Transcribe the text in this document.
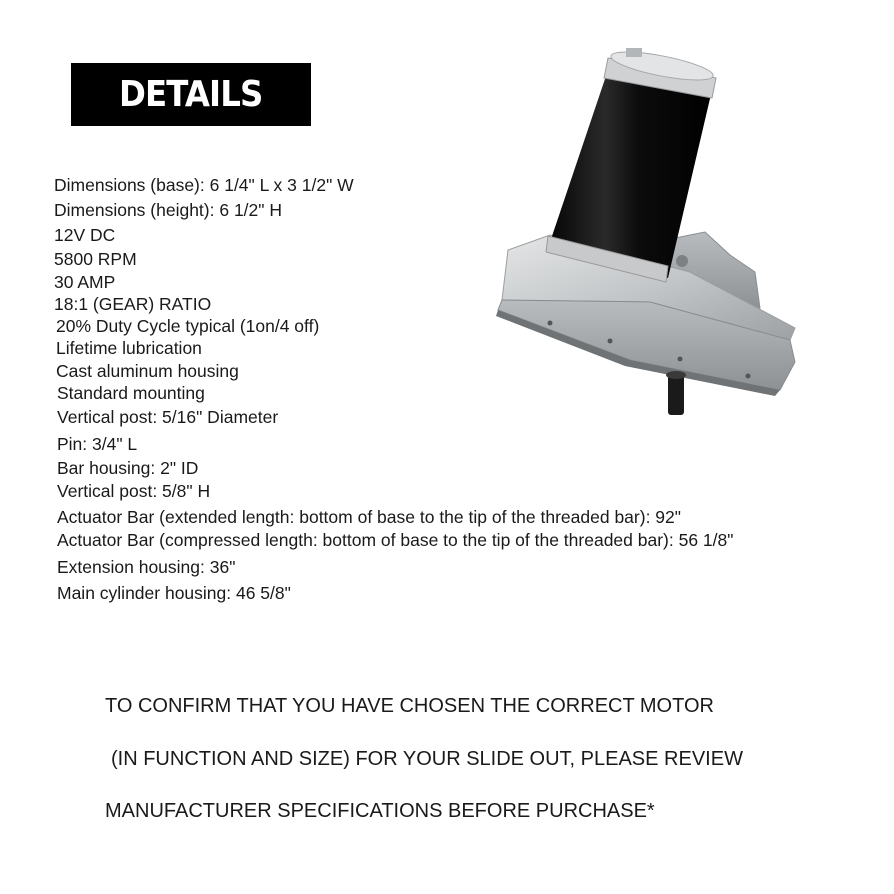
DETAILS
Dimensions (base): 6 1/4" L x 3 1/2" W
Dimensions (height): 6 1/2" H
12V DC
5800 RPM
30 AMP
18:1 (GEAR) RATIO
20% Duty Cycle typical (1on/4 off)
Lifetime lubrication
Cast aluminum housing
Standard mounting
Vertical post: 5/16" Diameter
Pin: 3/4" L
Bar housing: 2" ID
Vertical post: 5/8" H
Actuator Bar (extended length: bottom of base to the tip of the threaded bar): 92"
Actuator Bar (compressed length: bottom of base to the tip of the threaded bar): 56 1/8"
Extension housing: 36"
Main cylinder housing: 46 5/8"
TO CONFIRM THAT YOU HAVE CHOSEN THE CORRECT MOTOR
(IN FUNCTION AND SIZE) FOR YOUR SLIDE OUT, PLEASE REVIEW
MANUFACTURER SPECIFICATIONS BEFORE PURCHASE*
